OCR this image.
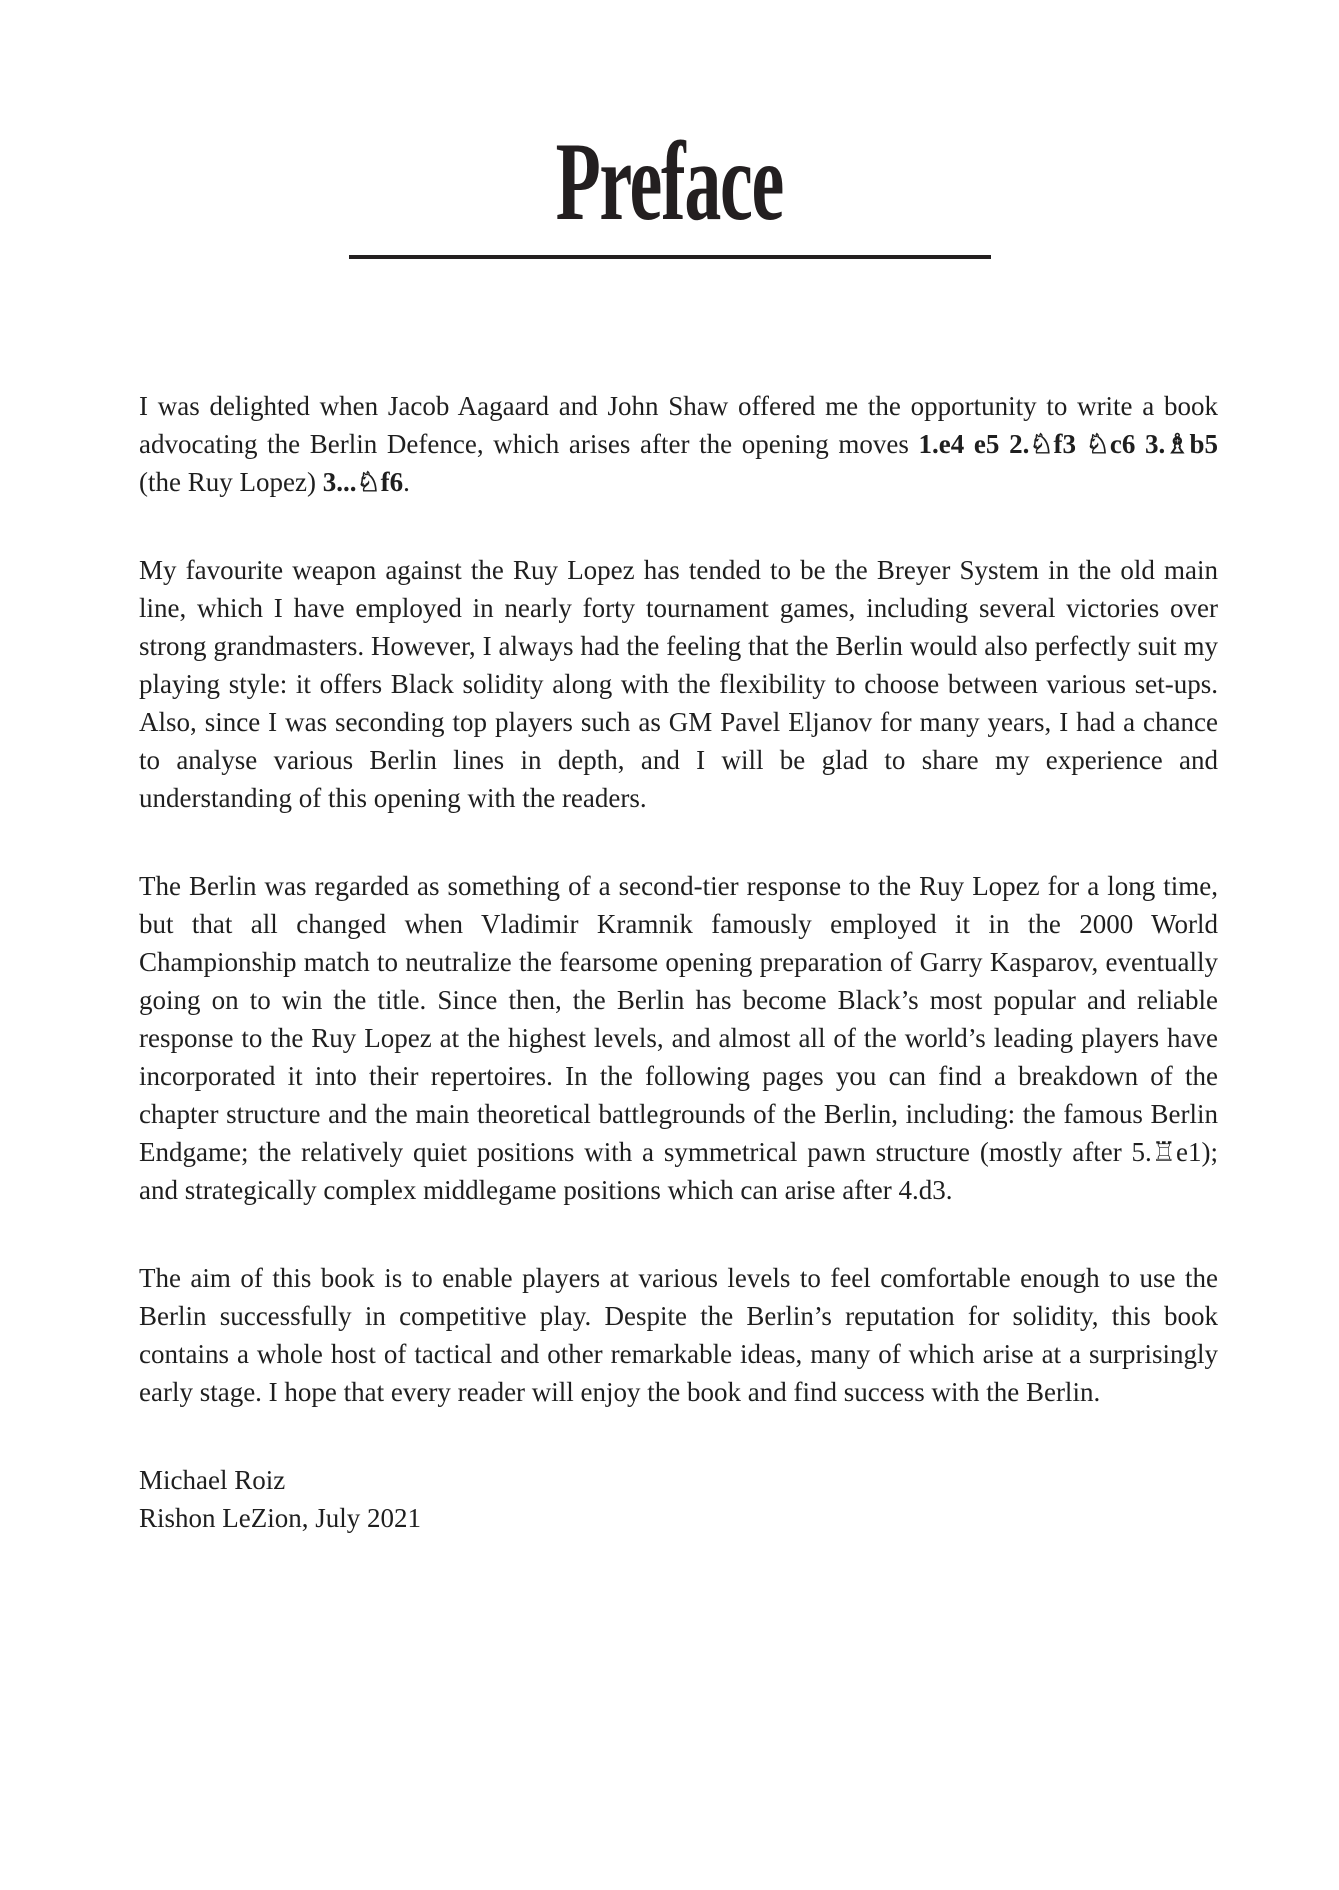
Preface

I was delighted when Jacob Aagaard and John Shaw offered me the opportunity to write a book advocating the Berlin Defence, which arises after the opening moves 1.e4 e5 2.♘f3 ♘c6 3.♗b5 (the Ruy Lopez) 3...♘f6.

My favourite weapon against the Ruy Lopez has tended to be the Breyer System in the old main line, which I have employed in nearly forty tournament games, including several victories over strong grandmasters. However, I always had the feeling that the Berlin would also perfectly suit my playing style: it offers Black solidity along with the flexibility to choose between various set-ups. Also, since I was seconding top players such as GM Pavel Eljanov for many years, I had a chance to analyse various Berlin lines in depth, and I will be glad to share my experience and understanding of this opening with the readers.

The Berlin was regarded as something of a second-tier response to the Ruy Lopez for a long time, but that all changed when Vladimir Kramnik famously employed it in the 2000 World Championship match to neutralize the fearsome opening preparation of Garry Kasparov, eventually going on to win the title. Since then, the Berlin has become Black’s most popular and reliable response to the Ruy Lopez at the highest levels, and almost all of the world’s leading players have incorporated it into their repertoires. In the following pages you can find a breakdown of the chapter structure and the main theoretical battlegrounds of the Berlin, including: the famous Berlin Endgame; the relatively quiet positions with a symmetrical pawn structure (mostly after 5.♖e1); and strategically complex middlegame positions which can arise after 4.d3.

The aim of this book is to enable players at various levels to feel comfortable enough to use the Berlin successfully in competitive play. Despite the Berlin’s reputation for solidity, this book contains a whole host of tactical and other remarkable ideas, many of which arise at a surprisingly early stage. I hope that every reader will enjoy the book and find success with the Berlin.

Michael Roiz
Rishon LeZion, July 2021
